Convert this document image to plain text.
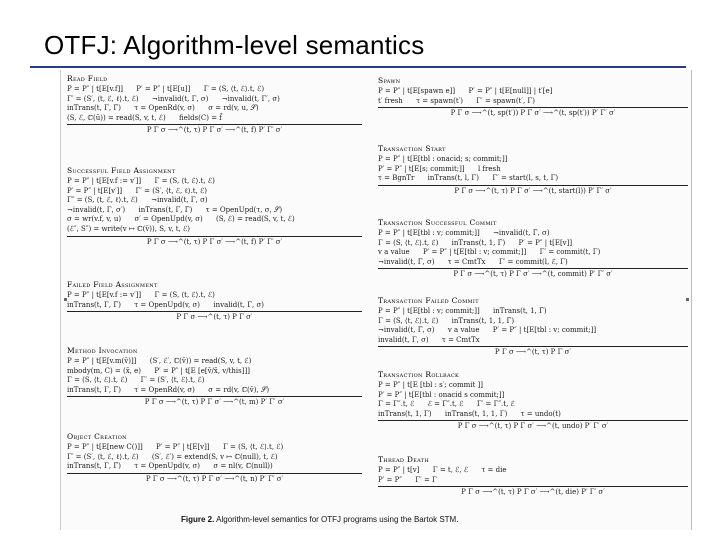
OTFJ: Algorithm-level semantics
Read Field
P = P″ | t[E[v.f]]      P′ = P″ | t[E[u]]      Γ = (S, ⟨t, ℰ⟩.t, ℰ)
Γ′ = (S′, ⟨t, ℰ, ℓ⟩.t, ℰ)      ¬invalid(t, Γ, σ)      ¬invalid(t, Γ′, σ)
inTrans(t, Γ, Γ̄)      τ = OpenRd(v, σ)      σ = rd(v, u, 𝒮)
(S, ℰ, ℂ(ū)) = read(S, v, t, ℰ)      fields(C) = f̄
P Γ σ ⟶^(t, τ) P Γ σ′ ⟶^(t, f) P′ Γ′ σ′
Successful Field Assignment
P = P″ | t[E[v.f := v′]]      Γ = (S, ⟨t, ℰ⟩.t, ℰ)
P′ = P″ | t[E[v′]]      Γ′ = (S′, ⟨t, ℰ, ℓ⟩.t, ℰ)
Γ″ = (S, ⟨t, ℰ, ℓ⟩.t, ℰ)      ¬invalid(t, Γ, σ)
¬invalid(t, Γ, σ′)      inTrans(t, Γ, Γ̄)      τ = OpenUpd(τ, σ, 𝒮)
σ = wr(v.f, v, u)      σ′ = OpenUpd(v, σ)      (S, ℰ) = read(S, v, t, ℰ)
(ℰ″, S″) = write(v ↦ ℂ(v̄)), S, v, t, ℰ)
P Γ σ ⟶^(t, τ) P Γ σ′ ⟶^(t, f) P′ Γ′ σ′
Failed Field Assignment
P = P″ | t[E[v.f := v′]]      Γ = (S, ⟨t, ℰ⟩.t, ℰ)
inTrans(t, Γ, Γ̄)      τ = OpenUpd(v, σ)      invalid(t, Γ, σ)
P Γ σ ⟶^(t, τ) P Γ σ′
Method Invocation
P = P″ | t[E[v.m(v̄)]]      (S′, ℰ′, ℂ(v̄)) = read(S, v, t, ℰ)
mbody(m, C) = (x̄, e)      P′ = P″ | t[E [e[v̄/x̄, v/this]]]
Γ = (S, ⟨t, ℰ⟩.t, ℰ)      Γ′ = (S′, ⟨t, ℰ⟩.t, ℰ)
inTrans(t, Γ, Γ̄)      τ = OpenRd(v, σ)      σ = rd(v, ℂ(v̄), 𝒮)
P Γ σ ⟶^(t, τ) P Γ σ′ ⟶^(t, m) P′ Γ′ σ′
Object Creation
P = P″ | t[E[new C()]]      P′ = P″ | t[E[v]]      Γ = (S, ⟨t, ℰ⟩.t, ℰ)
Γ′ = (S′, ⟨t, ℰ, ℓ⟩.t, ℰ)      (S′, ℰ′) = extend(S, v ↦ ℂ(null), t, ℰ)
inTrans(t, Γ, Γ̄)      τ = OpenUpd(v, σ)      σ = nl(v, ℂ(null))
P Γ σ ⟶^(t, τ) P Γ σ′ ⟶^(t, n) P′ Γ′ σ′
Spawn
P = P″ | t[E[spawn e]]      P′ = P″ | t[E[null]] | t′[e]
t′ fresh      τ = spawn(t′)      Γ′ = spawn(t′, Γ)
P Γ σ ⟶^(t, sp(t′)) P Γ σ′ ⟶^(t, sp(t′)) P′ Γ′ σ′
Transaction Start
P = P″ | t[E[tbl : onacid; s; commit;]]
P′ = P″ | t[E[s; commit;]]      l fresh
τ = BgnTr      inTrans(t, l, Γ)      Γ′ = start(l, s, t, Γ)
P Γ σ ⟶^(t, τ) P Γ σ′ ⟶^(t, start(l)) P′ Γ′ σ′
Transaction Successful Commit
P = P″ | t[E[tbl : v; commit;]]      ¬invalid(t, Γ̄, σ)
Γ = (S, ⟨t, ℰ⟩.t, ℰ)      inTrans(t, 1, Γ̄)      P′ = P″ | t[E[v]]
v a value      P′ = P″ | t[E[tbl : v; commit;]]      Γ′ = commit(t, Γ)
¬invalid(t, Γ̄, σ)      τ = CmtTx      Γ′ = commit(l, ℰ, Γ)
P Γ σ ⟶^(t, τ) P Γ σ′ ⟶^(t, commit) P′ Γ′ σ′
Transaction Failed Commit
P = P″ | t[E[tbl : v; commit;]]      inTrans(t, 1, Γ̄)
Γ = (S, ⟨t, ℰ⟩.t, ℰ)      inTrans(t, 1, 1, Γ̄)
¬invalid(t, Γ̄, σ)      v a value      P′ = P″ | t[E[tbl : v; commit;]]
invalid(t, Γ, σ)      τ = CmtTx
P Γ σ ⟶^(t, τ) P Γ σ′
Transaction Rollback
P = P″ | t[E [tbl : s′; commit ]]
P′ = P″ | t[E[tbl : onacid s commit;]]
Γ = Γ″.t, ℰ      ℰ = Γ″.t, ℰ      Γ′ = Γ″.t, ℰ
inTrans(t, 1, Γ)      inTrans(t, 1, 1, Γ)      τ = undo(t)
P Γ σ ⟶^(t, τ) P Γ σ′ ⟶^(t, undo) P′ Γ′ σ′
Thread Death
P = P″ | t[v]      Γ = t, ℰ, ℰ      τ = die
P′ = P″      Γ′ = Γ
P Γ σ ⟶^(t, τ) P Γ σ′ ⟶^(t, die) P′ Γ′ σ′
Figure 2. Algorithm-level semantics for OTFJ programs using the Bartok STM.
